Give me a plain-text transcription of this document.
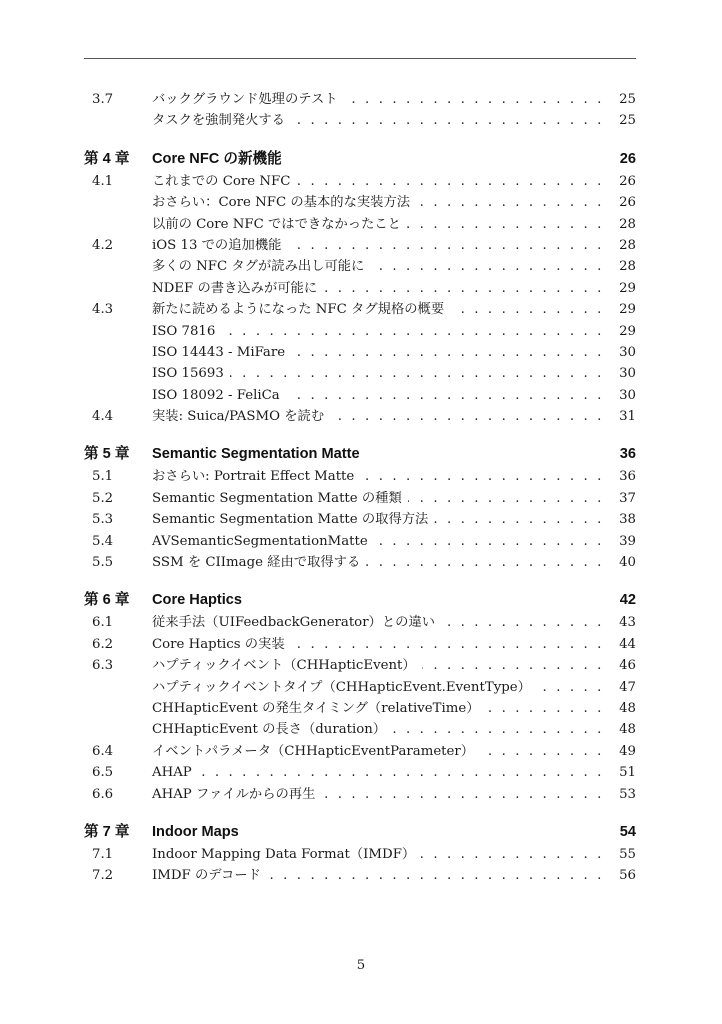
3.7	バックグラウンド処理のテスト . . .	25
タスクを強制発火する . . .	25
第 4 章	Core NFC の新機能	26
4.1	これまでの Core NFC . . .	26
おさらい：Core NFC の基本的な実装方法 . . .	26
以前の Core NFC ではできなかったこと . . .	28
4.2	iOS 13 での追加機能 . . .	28
多くの NFC タグが読み出し可能に . . .	28
NDEF の書き込みが可能に . . .	29
4.3	新たに読めるようになった NFC タグ規格の概要 . . .	29
ISO 7816 . . .	29
ISO 14443 - MiFare . . .	30
ISO 15693 . . .	30
ISO 18092 - FeliCa . . .	30
4.4	実装: Suica/PASMO を読む . . .	31
第 5 章	Semantic Segmentation Matte	36
5.1	おさらい: Portrait Effect Matte . . .	36
5.2	Semantic Segmentation Matte の種類 . . .	37
5.3	Semantic Segmentation Matte の取得方法 . . .	38
5.4	AVSemanticSegmentationMatte . . .	39
5.5	SSM を CIImage 経由で取得する . . .	40
第 6 章	Core Haptics	42
6.1	従来手法（UIFeedbackGenerator）との違い . . .	43
6.2	Core Haptics の実装 . . .	44
6.3	ハプティックイベント（CHHapticEvent） . . .	46
ハプティックイベントタイプ（CHHapticEvent.EventType） . . .	47
CHHapticEvent の発生タイミング（relativeTime） . . .	48
CHHapticEvent の長さ（duration） . . .	48
6.4	イベントパラメータ（CHHapticEventParameter） . . .	49
6.5	AHAP . . .	51
6.6	AHAP ファイルからの再生 . . .	53
第 7 章	Indoor Maps	54
7.1	Indoor Mapping Data Format（IMDF） . . .	55
7.2	IMDF のデコード . . .	56
5
